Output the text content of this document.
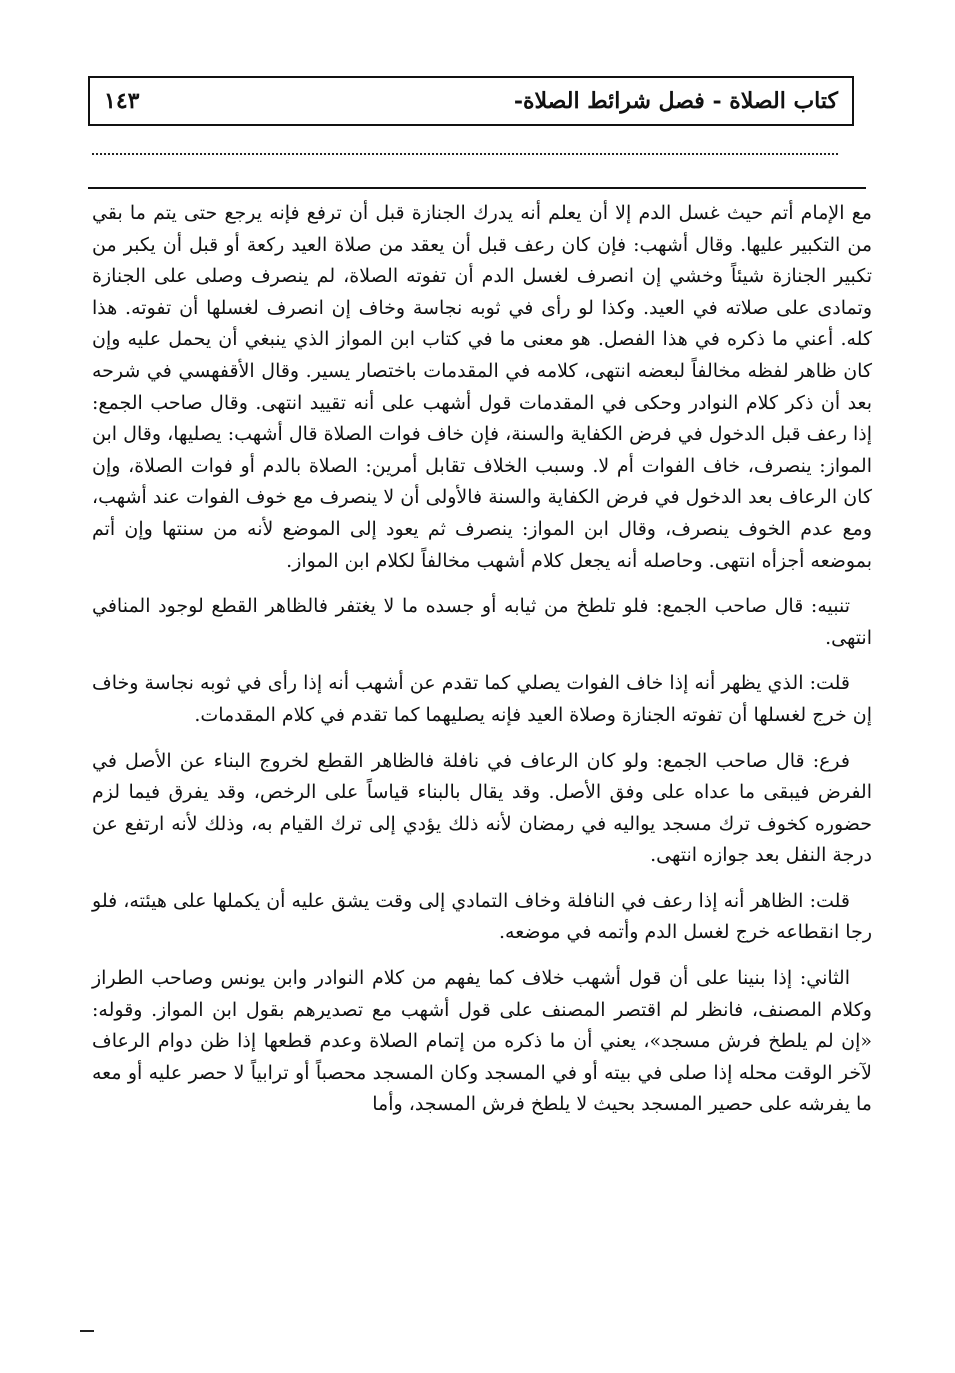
كتاب الصلاة - فصل شرائط الصلاة-
١٤٣

مع الإمام أتم حيث غسل الدم إلا أن يعلم أنه يدرك الجنازة قبل أن ترفع فإنه يرجع حتى يتم ما بقي من التكبير عليها. وقال أشهب: فإن كان رعف قبل أن يعقد من صلاة العيد ركعة أو قبل أن يكبر من تكبير الجنازة شيئاً وخشي إن انصرف لغسل الدم أن تفوته الصلاة، لم ينصرف وصلى على الجنازة وتمادى على صلاته في العيد. وكذا لو رأى في ثوبه نجاسة وخاف إن انصرف لغسلها أن تفوته. هذا كله. أعني ما ذكره في هذا الفصل. هو معنى ما في كتاب ابن المواز الذي ينبغي أن يحمل عليه وإن كان ظاهر لفظه مخالفاً لبعضه انتهى، كلامه في المقدمات باختصار يسير. وقال الأقفهسي في شرحه بعد أن ذكر كلام النوادر وحكى في المقدمات قول أشهب على أنه تقييد انتهى. وقال صاحب الجمع: إذا رعف قبل الدخول في فرض الكفاية والسنة، فإن خاف فوات الصلاة قال أشهب: يصليها، وقال ابن المواز: ينصرف، خاف الفوات أم لا. وسبب الخلاف تقابل أمرين: الصلاة بالدم أو فوات الصلاة، وإن كان الرعاف بعد الدخول في فرض الكفاية والسنة فالأولى أن لا ينصرف مع خوف الفوات عند أشهب، ومع عدم الخوف ينصرف، وقال ابن المواز: ينصرف ثم يعود إلى الموضع لأنه من سنتها وإن أتم بموضعه أجزأه انتهى. وحاصله أنه يجعل كلام أشهب مخالفاً لكلام ابن المواز.

تنبيه: قال صاحب الجمع: فلو تلطخ من ثيابه أو جسده ما لا يغتفر فالظاهر القطع لوجود المنافي انتهى.

قلت: الذي يظهر أنه إذا خاف الفوات يصلي كما تقدم عن أشهب أنه إذا رأى في ثوبه نجاسة وخاف إن خرج لغسلها أن تفوته الجنازة وصلاة العيد فإنه يصليهما كما تقدم في كلام المقدمات.

فرع: قال صاحب الجمع: ولو كان الرعاف في نافلة فالظاهر القطع لخروج البناء عن الأصل في الفرض فيبقى ما عداه على وفق الأصل. وقد يقال بالبناء قياساً على الرخص، وقد يفرق فيما لزم حضوره كخوف ترك مسجد يواليه في رمضان لأنه ذلك يؤدي إلى ترك القيام به، وذلك لأنه ارتفع عن درجة النفل بعد جوازه انتهى.

قلت: الظاهر أنه إذا رعف في النافلة وخاف التمادي إلى وقت يشق عليه أن يكملها على هيئته، فلو رجا انقطاعه خرج لغسل الدم وأتمه في موضعه.

الثاني: إذا بنينا على أن قول أشهب خلاف كما يفهم من كلام النوادر وابن يونس وصاحب الطراز وكلام المصنف، فانظر لم اقتصر المصنف على قول أشهب مع تصديرهم بقول ابن المواز. وقوله: «إن لم يلطخ فرش مسجد»، يعني أن ما ذكره من إتمام الصلاة وعدم قطعها إذا ظن دوام الرعاف لآخر الوقت محله إذا صلى في بيته أو في المسجد وكان المسجد محصباً أو ترابياً لا حصر عليه أو معه ما يفرشه على حصير المسجد بحيث لا يلطخ فرش المسجد، وأما
